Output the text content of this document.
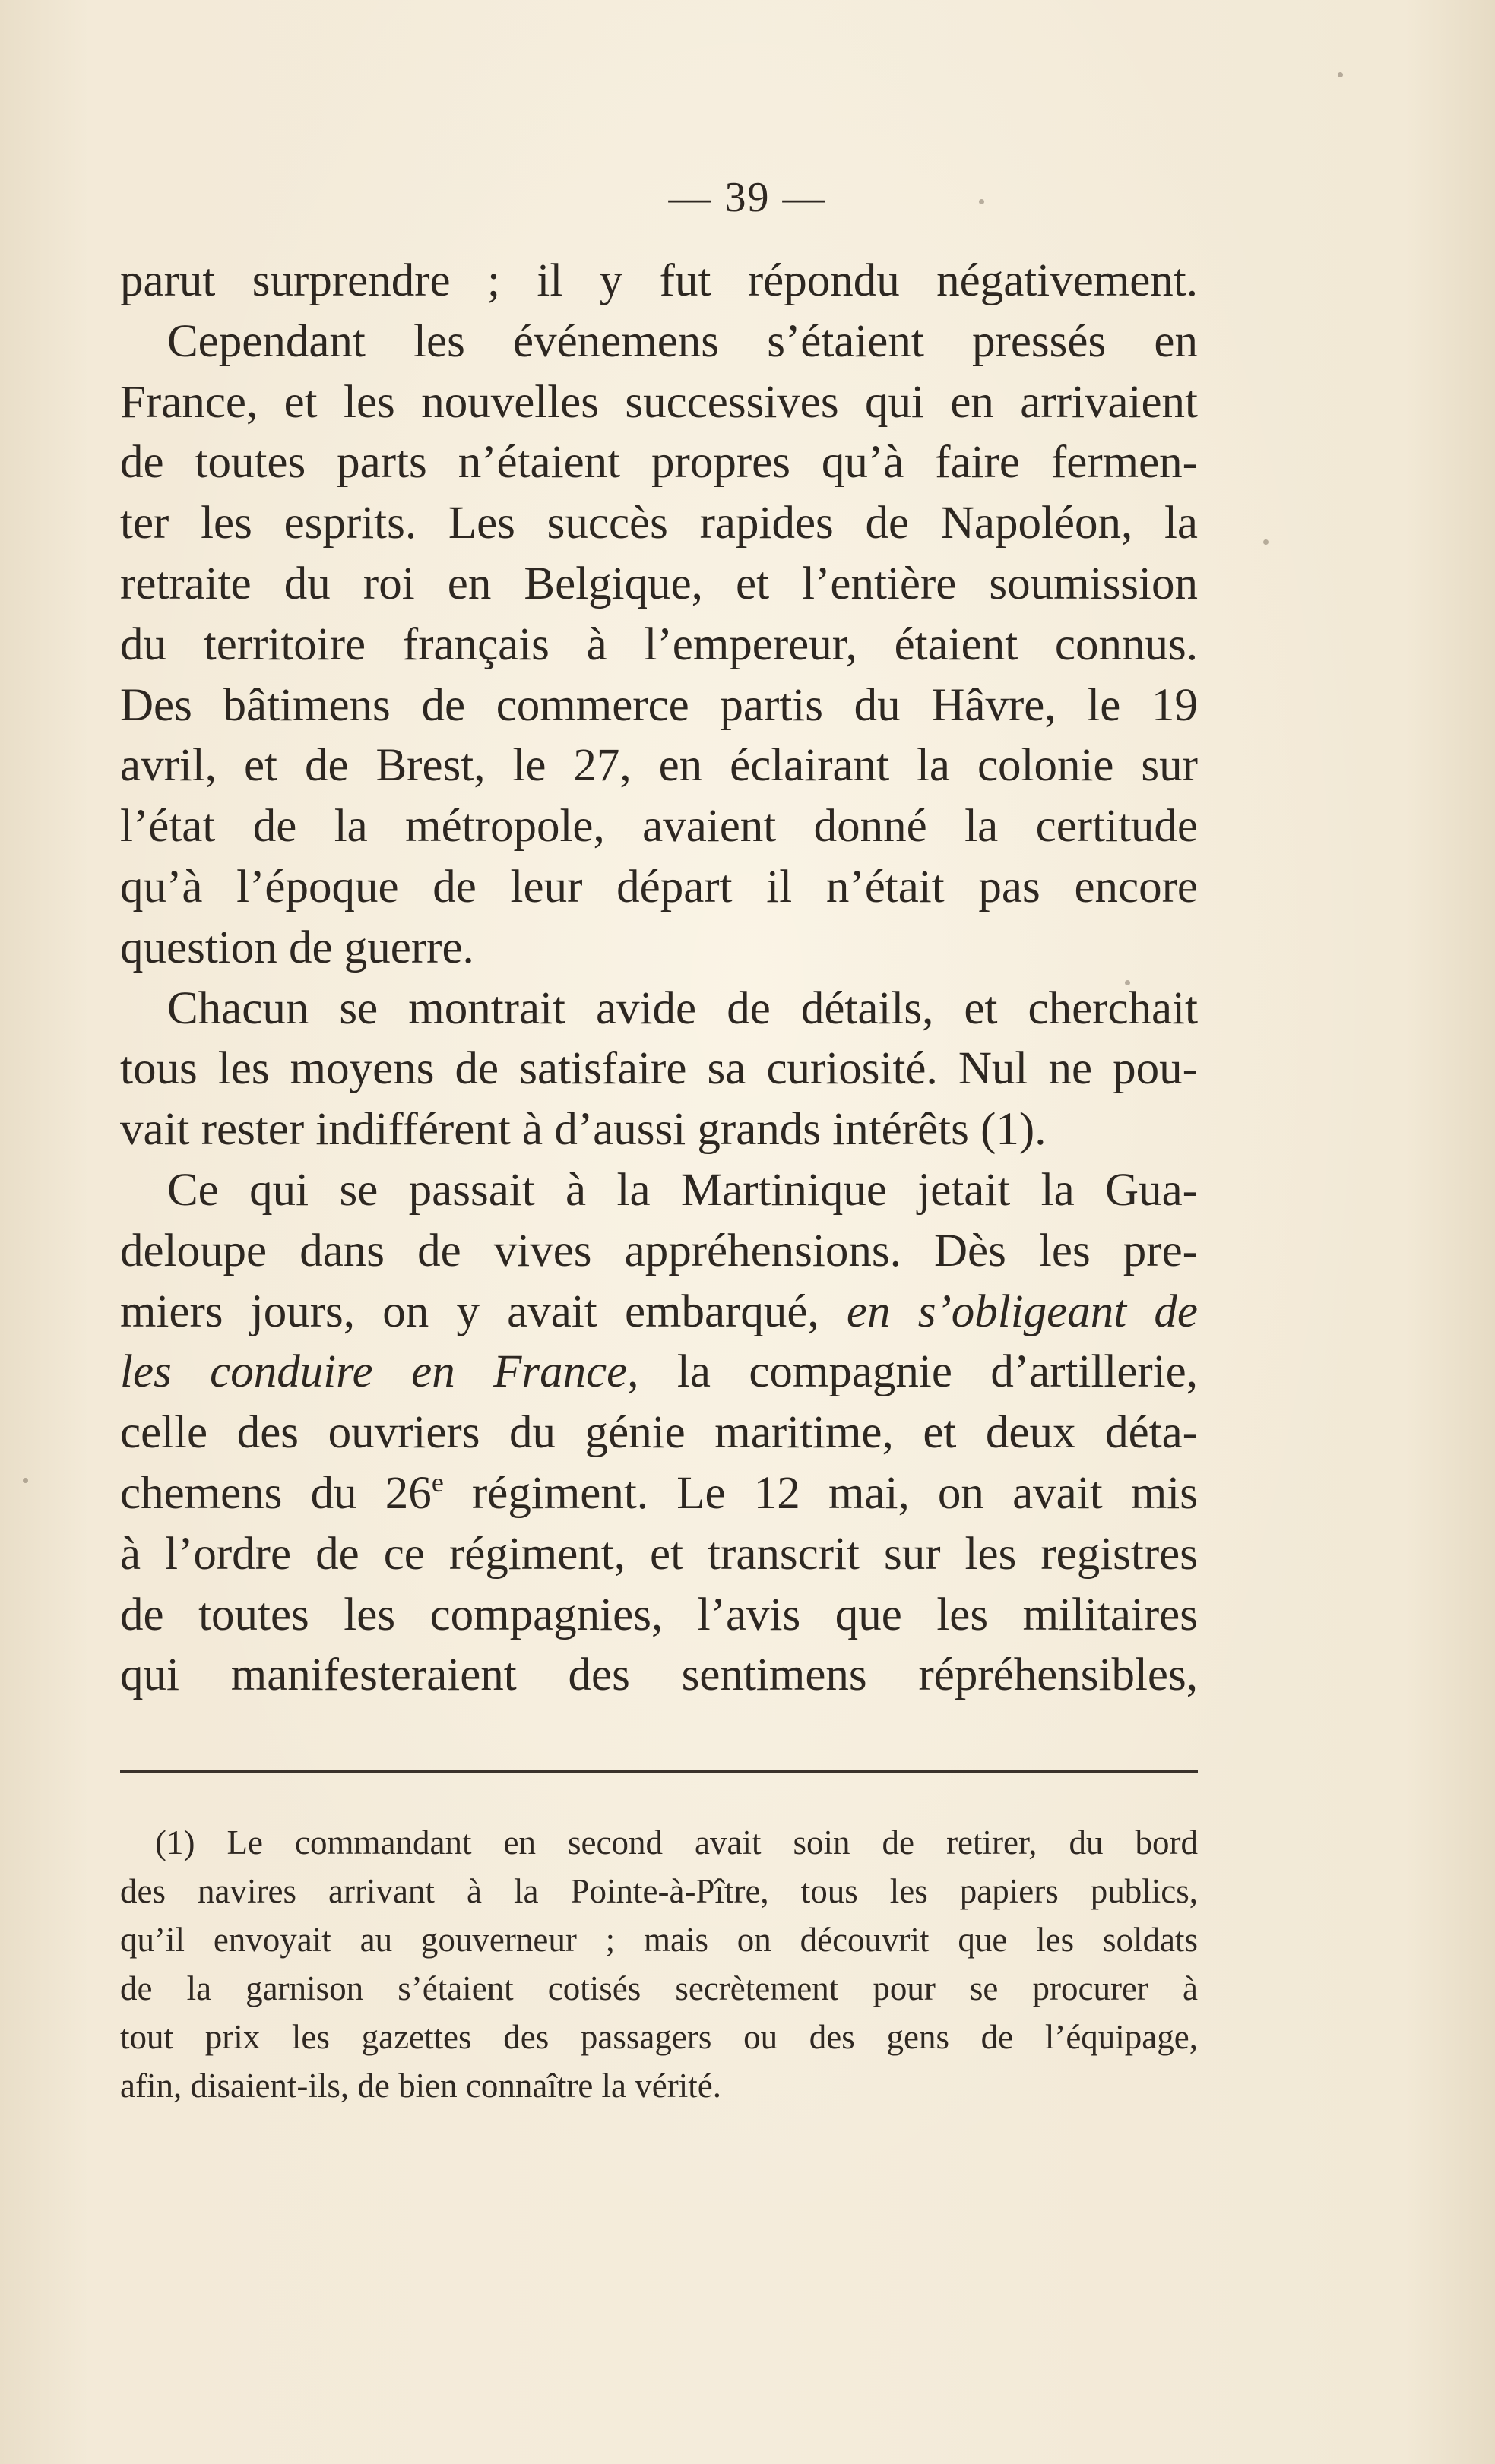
— 39 —

parut surprendre ; il y fut répondu négativement.

Cependant les événemens s’étaient pressés en
France, et les nouvelles successives qui en arrivaient
de toutes parts n’étaient propres qu’à faire fermen-
ter les esprits. Les succès rapides de Napoléon, la
retraite du roi en Belgique, et l’entière soumission
du territoire français à l’empereur, étaient connus.
Des bâtimens de commerce partis du Hâvre, le 19
avril, et de Brest, le 27, en éclairant la colonie sur
l’état de la métropole, avaient donné la certitude
qu’à l’époque de leur départ il n’était pas encore
question de guerre.

Chacun se montrait avide de détails, et cherchait
tous les moyens de satisfaire sa curiosité. Nul ne pou-
vait rester indifférent à d’aussi grands intérêts (1).

Ce qui se passait à la Martinique jetait la Gua-
deloupe dans de vives appréhensions. Dès les pre-
miers jours, on y avait embarqué, en s’obligeant de
les conduire en France, la compagnie d’artillerie,
celle des ouvriers du génie maritime, et deux déta-
chemens du 26e régiment. Le 12 mai, on avait mis
à l’ordre de ce régiment, et transcrit sur les registres
de toutes les compagnies, l’avis que les militaires
qui manifesteraient des sentimens répréhensibles,

(1) Le commandant en second avait soin de retirer, du bord
des navires arrivant à la Pointe-à-Pître, tous les papiers publics,
qu’il envoyait au gouverneur ; mais on découvrit que les soldats
de la garnison s’étaient cotisés secrètement pour se procurer à
tout prix les gazettes des passagers ou des gens de l’équipage,
afin, disaient-ils, de bien connaître la vérité.
